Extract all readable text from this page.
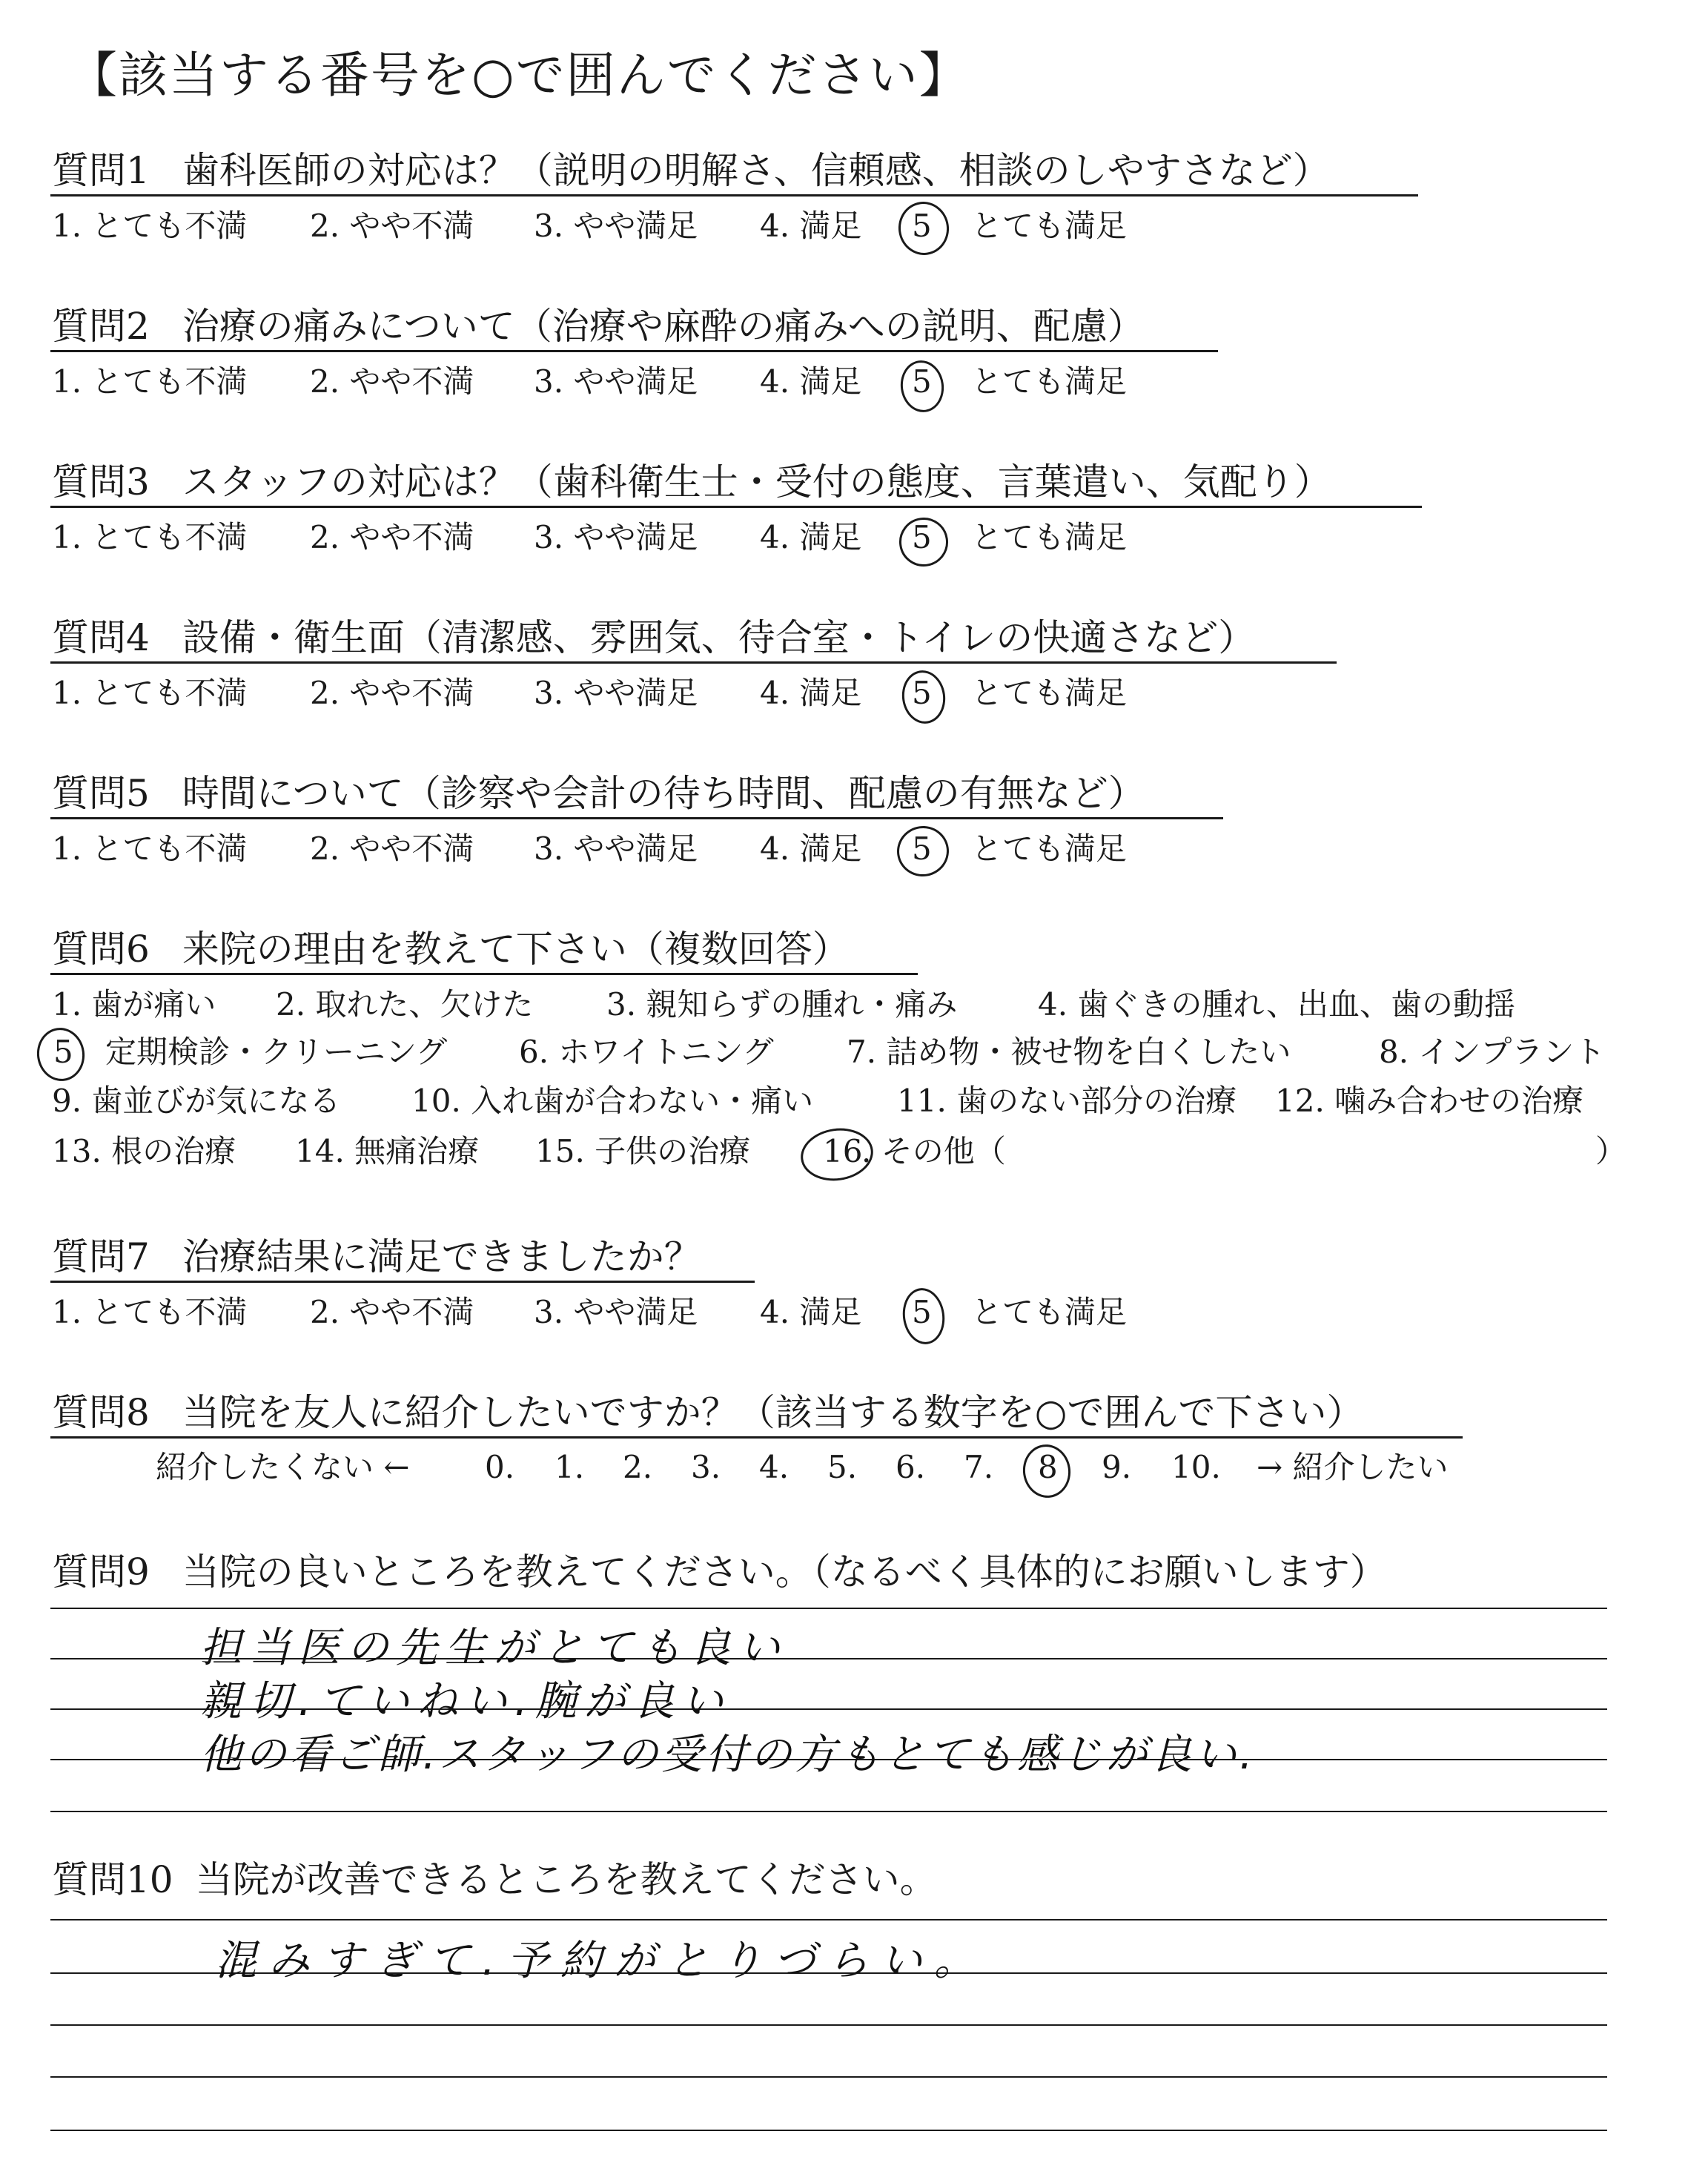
【該当する番号を○で囲んでください】
質問1 歯科医師の対応は？（説明の明解さ、信頼感、相談のしやすさなど）
1. とても不満 2. やや不満 3. やや満足 4. 満足 5 とても満足
質問2 治療の痛みについて（治療や麻酔の痛みへの説明、配慮）
1. とても不満 2. やや不満 3. やや満足 4. 満足 5 とても満足
質問3 スタッフの対応は？（歯科衛生士・受付の態度、言葉遣い、気配り）
1. とても不満 2. やや不満 3. やや満足 4. 満足 5 とても満足
質問4 設備・衛生面（清潔感、雰囲気、待合室・トイレの快適さなど）
1. とても不満 2. やや不満 3. やや満足 4. 満足 5 とても満足
質問5 時間について（診察や会計の待ち時間、配慮の有無など）
1. とても不満 2. やや不満 3. やや満足 4. 満足 5 とても満足
質問6 来院の理由を教えて下さい（複数回答）
1. 歯が痛い 2. 取れた、欠けた 3. 親知らずの腫れ・痛み	4. 歯ぐきの腫れ、出血、歯の動揺
5 定期検診・クリーニング 6. ホワイトニング 7. 詰め物・被せ物を白くしたい	8. インプラント
9. 歯並びが気になる 10. 入れ歯が合わない・痛い	11. 歯のない部分の治療 12. 噛み合わせの治療
13. 根の治療 14. 無痛治療 15. 子供の治療 16
. その他（	）
質問7 治療結果に満足できましたか？
1. とても不満 2. やや不満 3. やや満足 4. 満足 5 とても満足
質問8 当院を友人に紹介したいですか？（該当する数字を○で囲んで下さい）
紹介したくない ← 0. 1. 2. 3. 4. 5. 6. 7. 8 9. 10. → 紹介したい
質問9 当院の良いところを教えてください。（なるべく具体的にお願いします）
担当医の先生がとても良い
親切.ていねい.腕が良い
他の看ご師.スタッフの受付の方もとても感じが良い.
質問10 当院が改善できるところを教えてください。
混みすぎて.予約がとりづらい。
